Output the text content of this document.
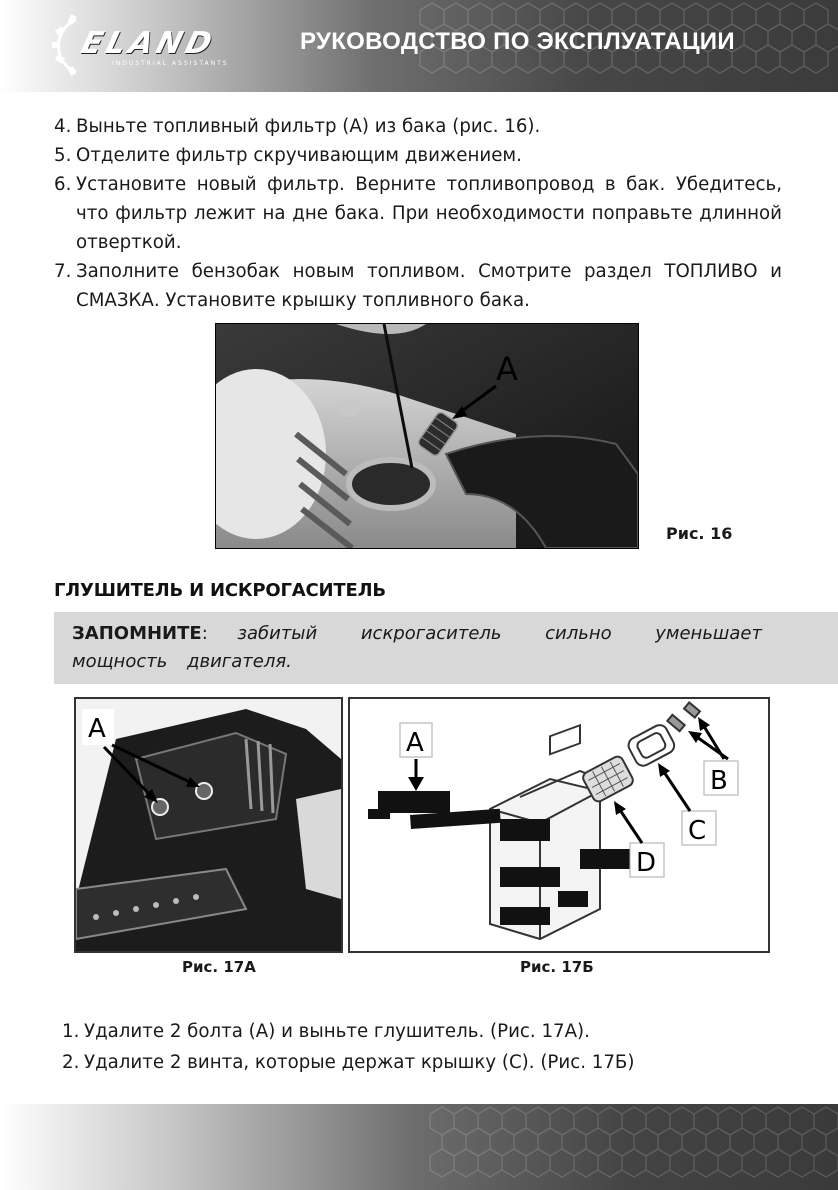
ELAND
INDUSTRIAL ASSISTANTS
РУКОВОДСТВО ПО ЭКСПЛУАТАЦИИ
4. Выньте топливный фильтр (А) из бака (рис. 16).
5. Отделите фильтр скручивающим движением.
6. Установите новый фильтр. Верните топливопровод в бак. Убедитесь, что фильтр лежит на дне бака. При необходимости поправьте длинной отверткой.
7. Заполните бензобак новым топливом. Смотрите раздел ТОПЛИВО и СМАЗКА. Установите крышку топливного бака.
A
Рис. 16
ГЛУШИТЕЛЬ И ИСКРОГАСИТЕЛЬ
ЗАПОМНИТЕ: забитый искрогаситель сильно уменьшает мощность двигателя.
A
Рис. 17А
A
B
C
D
Рис. 17Б
1. Удалите 2 болта (А) и выньте глушитель. (Рис. 17А).
2. Удалите 2 винта, которые держат крышку (С). (Рис. 17Б)
